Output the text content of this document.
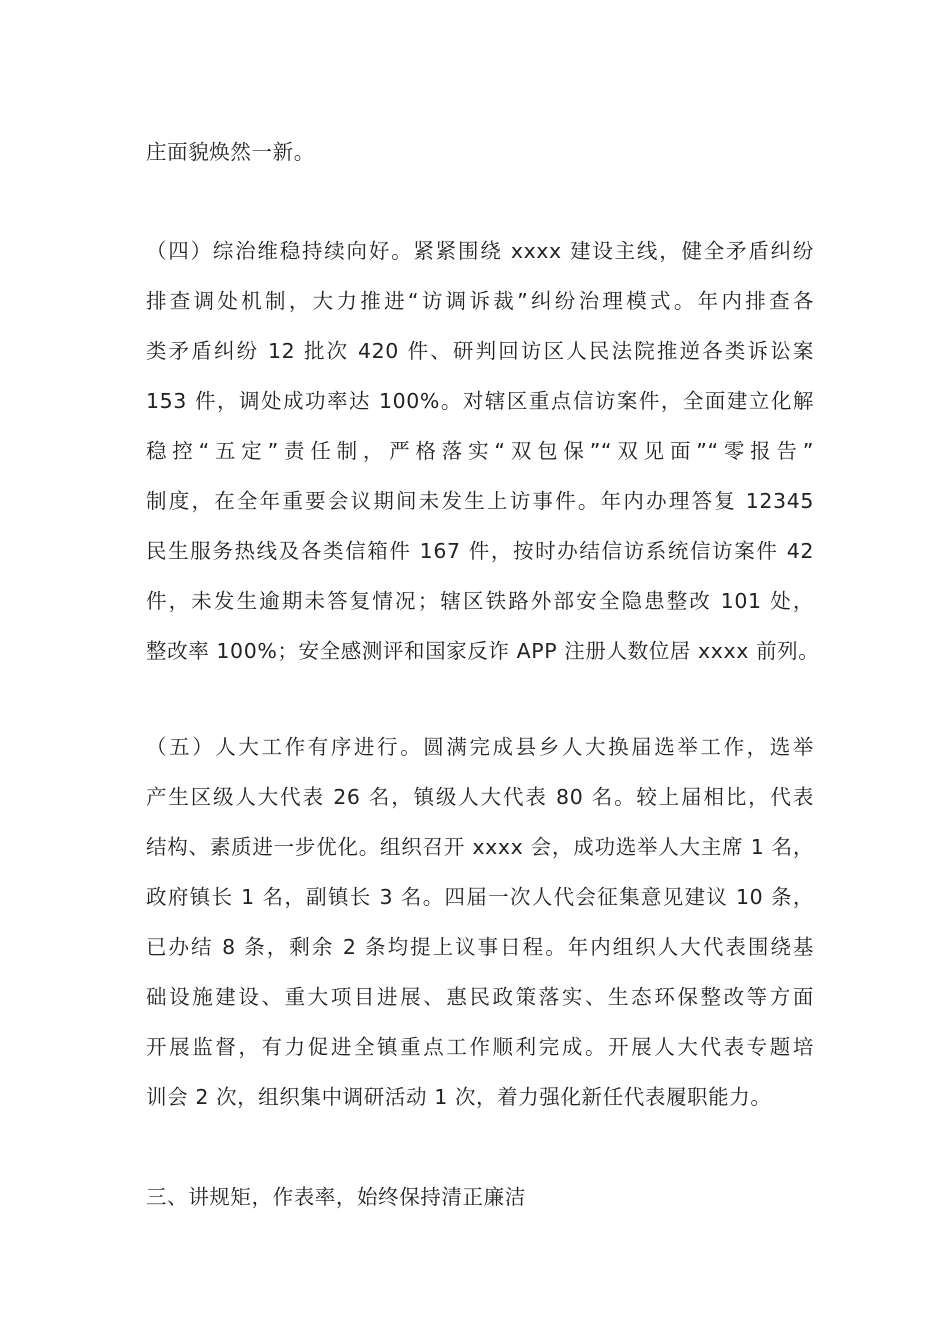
庄面貌焕然一新。
（四）综治维稳持续向好。紧紧围绕 xxxx 建设主线，健全矛盾纠纷
排查调处机制，大力推进“访调诉裁”纠纷治理模式。年内排查各
类矛盾纠纷 12 批次 420 件、研判回访区人民法院推逆各类诉讼案
153 件，调处成功率达 100%。对辖区重点信访案件，全面建立化解
稳控“五定”责任制，严格落实“双包保”“双见面”“零报告”
制度，在全年重要会议期间未发生上访事件。年内办理答复 12345
民生服务热线及各类信箱件 167 件，按时办结信访系统信访案件 42
件，未发生逾期未答复情况；辖区铁路外部安全隐患整改 101 处，
整改率 100%；安全感测评和国家反诈 APP 注册人数位居 xxxx 前列。
（五）人大工作有序进行。圆满完成县乡人大换届选举工作，选举
产生区级人大代表 26 名，镇级人大代表 80 名。较上届相比，代表
结构、素质进一步优化。组织召开 xxxx 会，成功选举人大主席 1 名，
政府镇长 1 名，副镇长 3 名。四届一次人代会征集意见建议 10 条，
已办结 8 条，剩余 2 条均提上议事日程。年内组织人大代表围绕基
础设施建设、重大项目进展、惠民政策落实、生态环保整改等方面
开展监督，有力促进全镇重点工作顺利完成。开展人大代表专题培
训会 2 次，组织集中调研活动 1 次，着力强化新任代表履职能力。
三、讲规矩，作表率，始终保持清正廉洁
